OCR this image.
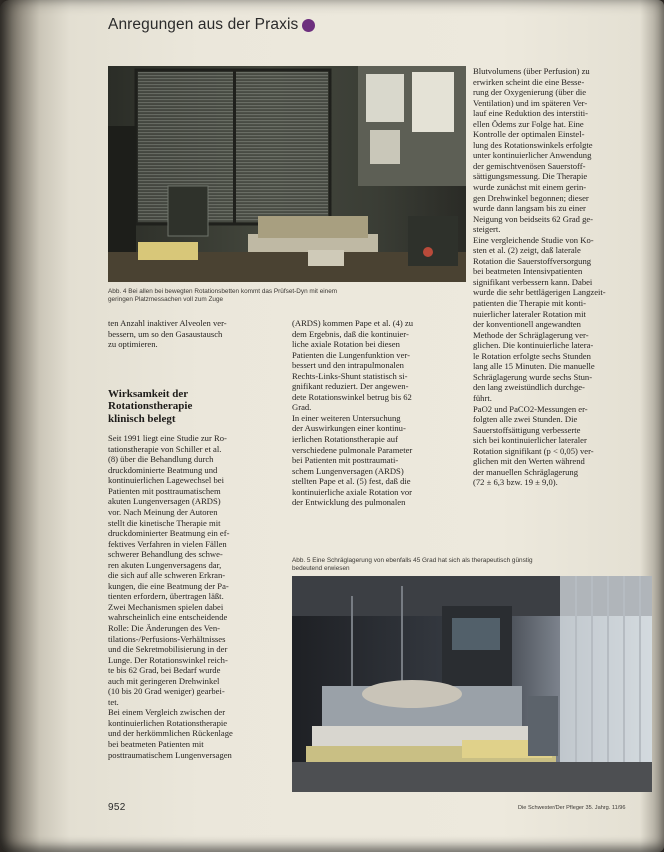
Anregungen aus der Praxis
Abb. 4 Bei allen bei bewegten Rotationsbetten kommt das Prüfset-Dyn mit einem
geringen Platzmessachen voll zum Zuge
ten Anzahl inaktiver Alveolen ver-
bessern, um so den Gasaustausch
zu optimieren.
Wirksamkeit der
Rotationstherapie
klinisch belegt
Seit 1991 liegt eine Studie zur Ro-
tationstherapie von Schiller et al.
(8) über die Behandlung durch
druckdominierte Beatmung und
kontinuierlichen Lagewechsel bei
Patienten mit posttraumatischem
akuten Lungenversagen (ARDS)
vor. Nach Meinung der Autoren
stellt die kinetische Therapie mit
druckdominierter Beatmung ein ef-
fektives Verfahren in vielen Fällen
schwerer Behandlung des schwe-
ren akuten Lungenversagens dar,
die sich auf alle schweren Erkran-
kungen, die eine Beatmung der Pa-
tienten erfordern, übertragen läßt.
Zwei Mechanismen spielen dabei
wahrscheinlich eine entscheidende
Rolle: Die Änderungen des Ven-
tilations-/Perfusions-Verhältnisses
und die Sekretmobilisierung in der
Lunge. Der Rotationswinkel reich-
te bis 62 Grad, bei Bedarf wurde
auch mit geringeren Drehwinkel
(10 bis 20 Grad weniger) gearbei-
tet.
Bei einem Vergleich zwischen der
kontinuierlichen Rotationstherapie
und der herkömmlichen Rückenlage
bei beatmeten Patienten mit
posttraumatischem Lungenversagen
(ARDS) kommen Pape et al. (4) zu
dem Ergebnis, daß die kontinuier-
liche axiale Rotation bei diesen
Patienten die Lungenfunktion ver-
bessert und den intrapulmonalen
Rechts-Links-Shunt statistisch si-
gnifikant reduziert. Der angewen-
dete Rotationswinkel betrug bis 62
Grad.
In einer weiteren Untersuchung
der Auswirkungen einer kontinu-
ierlichen Rotationstherapie auf
verschiedene pulmonale Parameter
bei Patienten mit posttraumati-
schem Lungenversagen (ARDS)
stellten Pape et al. (5) fest, daß die
kontinuierliche axiale Rotation vor
der Entwicklung des pulmonalen
Blutvolumens (über Perfusion) zu
erwirken scheint die eine Besse-
rung der Oxygenierung (über die
Ventilation) und im späteren Ver-
lauf eine Reduktion des interstiti-
ellen Ödems zur Folge hat. Eine
Kontrolle der optimalen Einstel-
lung des Rotationswinkels erfolgte
unter kontinuierlicher Anwendung
der gemischtvenösen Sauerstoff-
sättigungsmessung. Die Therapie
wurde zunächst mit einem gerin-
gen Drehwinkel begonnen; dieser
wurde dann langsam bis zu einer
Neigung von beidseits 62 Grad ge-
steigert.
Eine vergleichende Studie von Ko-
sten et al. (2) zeigt, daß laterale
Rotation die Sauerstoffversorgung
bei beatmeten Intensivpatienten
signifikant verbessern kann. Dabei
wurde die sehr bettlägerigen Langzeit-
patienten die Therapie mit konti-
nuierlicher lateraler Rotation mit
der konventionell angewandten
Methode der Schräglagerung ver-
glichen. Die kontinuierliche latera-
le Rotation erfolgte sechs Stunden
lang alle 15 Minuten. Die manuelle
Schräglagerung wurde sechs Stun-
den lang zweistündlich durchge-
führt.
PaO2 und PaCO2-Messungen er-
folgten alle zwei Stunden. Die
Sauerstoffsättigung verbesserte
sich bei kontinuierlicher lateraler
Rotation signifikant (p < 0,05) ver-
glichen mit den Werten während
der manuellen Schräglagerung
(72 ± 6,3 bzw. 19 ± 9,0).
Abb. 5 Eine Schräglagerung von ebenfalls 45 Grad hat sich als therapeutisch günstig
bedeutend erwiesen
952	Die Schwester/Der Pfleger 35. Jahrg. 11/96
